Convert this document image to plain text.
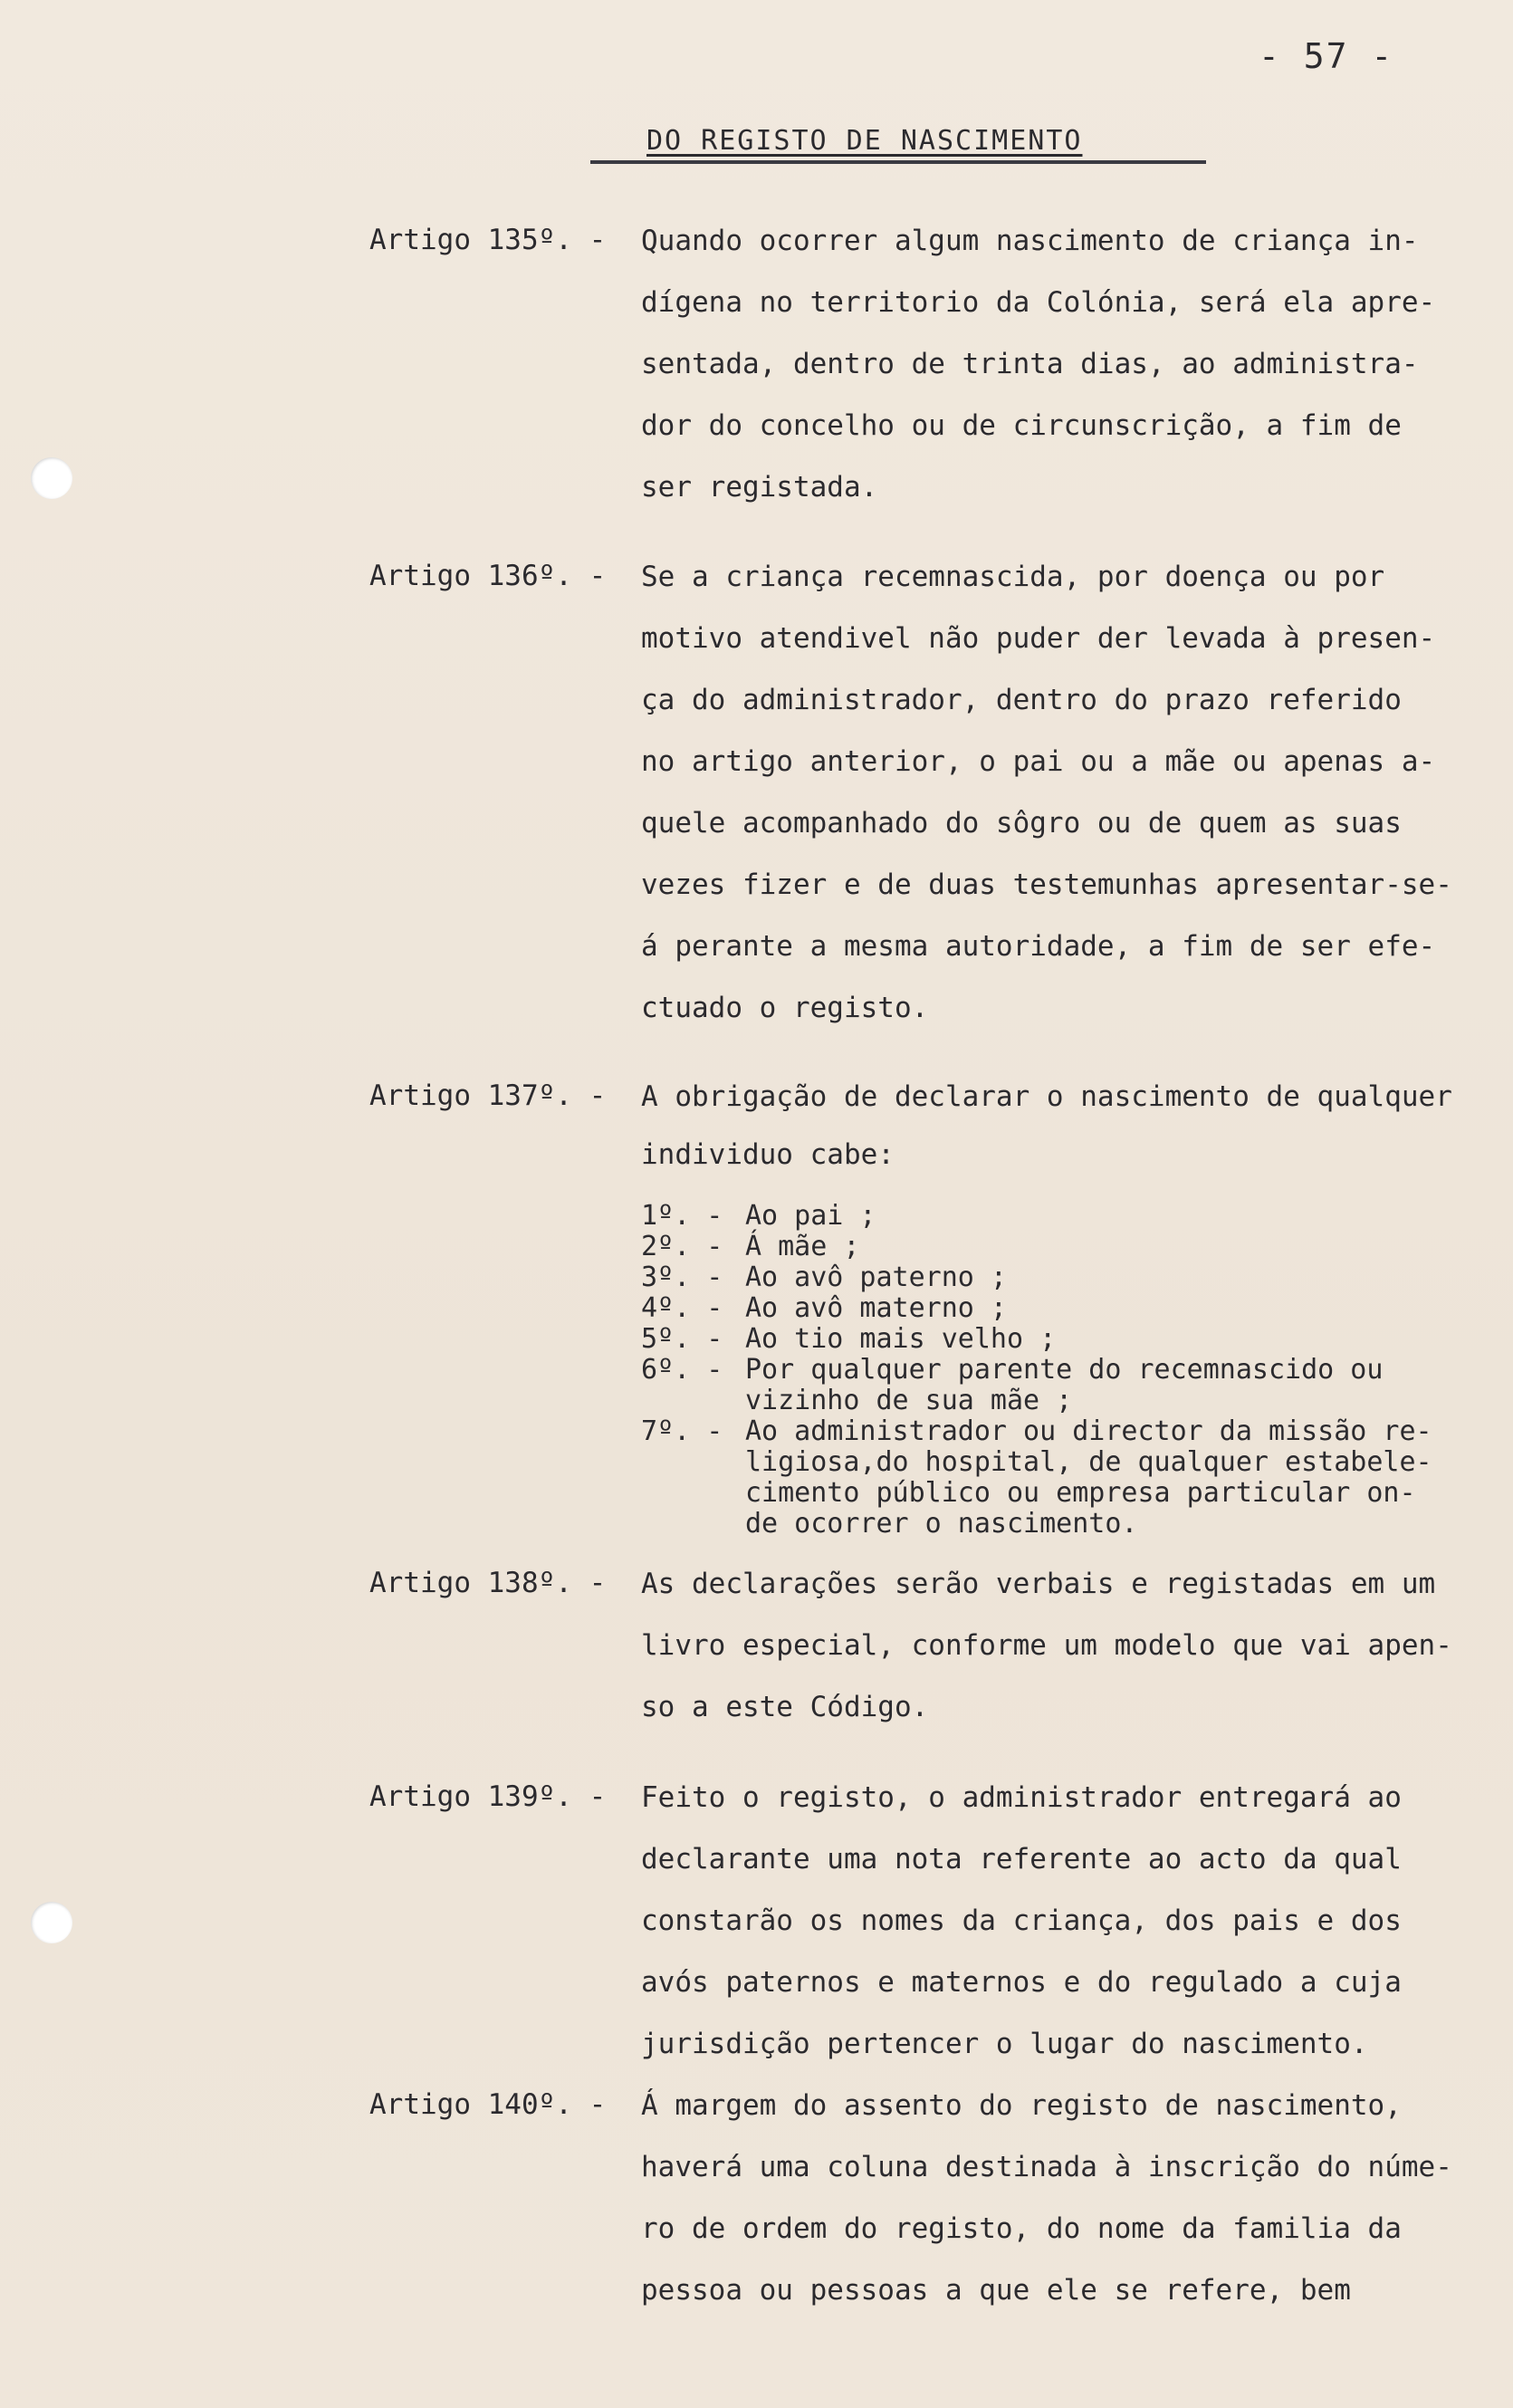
- 57 -
DO REGISTO DE NASCIMENTO
Artigo 135º. - Quando ocorrer algum nascimento de criança in-
dígena no territorio da Colónia, será ela apre-
sentada, dentro de trinta dias, ao administra-
dor do concelho ou de circunscrição, a fim de
ser registada.
Artigo 136º. - Se a criança recemnascida, por doença ou por
motivo atendivel não puder der levada à presen-
ça do administrador, dentro do prazo referido
no artigo anterior, o pai ou a mãe ou apenas a-
quele acompanhado do sôgro ou de quem as suas
vezes fizer e de duas testemunhas apresentar-se-
á perante a mesma autoridade, a fim de ser efe-
ctuado o registo.
Artigo 137º. - A obrigação de declarar o nascimento de qualquer
individuo cabe:
1º. - Ao pai ;
2º. - Á mãe ;
3º. - Ao avô paterno ;
4º. - Ao avô materno ;
5º. - Ao tio mais velho ;
6º. - Por qualquer parente do recemnascido ou
vizinho de sua mãe ;
7º. - Ao administrador ou director da missão re-
ligiosa,do hospital, de qualquer estabele-
cimento público ou empresa particular on-
de ocorrer o nascimento.
Artigo 138º. - As declarações serão verbais e registadas em um
livro especial, conforme um modelo que vai apen-
so a este Código.
Artigo 139º. - Feito o registo, o administrador entregará ao
declarante uma nota referente ao acto da qual
constarão os nomes da criança, dos pais e dos
avós paternos e maternos e do regulado a cuja
jurisdição pertencer o lugar do nascimento.
Artigo 140º. - Á margem do assento do registo de nascimento,
haverá uma coluna destinada à inscrição do núme-
ro de ordem do registo, do nome da familia da
pessoa ou pessoas a que ele se refere, bem
